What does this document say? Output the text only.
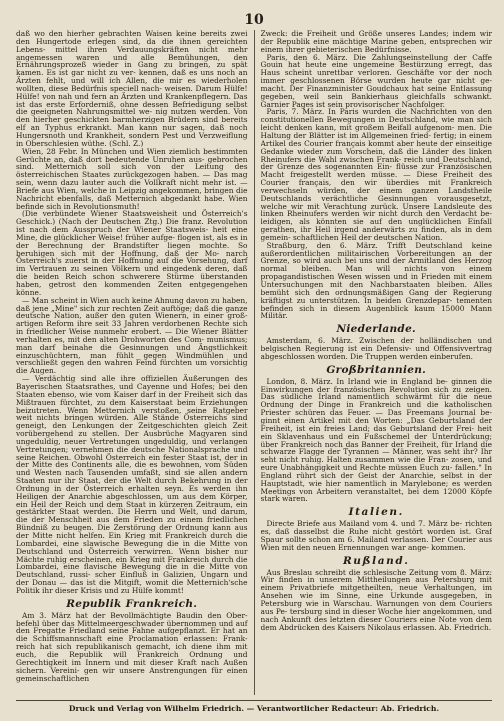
10

daß wo den hierher gebrachten Waisen keine bereits zwei den Hungertode erlegen sind, da die ihnen gereichten Lebens- mittel ihren Verdauungskräften nicht mehr angemessen waren und alle Bemühungen, den Ernährungsprozeß wieder in Gang zu bringen, zu spät kamen. Es ist gar nicht zu ver- kennen, daß es uns noch an Ärzten fehlt, und will ich Allen, die mir es wiederholen wollten, diese Bedürfnis speciell nach- weisen. Darum Hülfe! Hülfe! von nah und fern an Ärzten und Krankenpflegern. Das ist das erste Erforderniß, ohne dessen Befriedigung selbst die geeigneten Nahrungsmittel we- nig nutzen werden. Von den hierher geschickten barmherzigen Brüdern sind bereits elf an Typhus erkrankt. Man kann nur sagen, daß noch Hungersnoth und Krankheit, sondern Pest und Verzweiflung in Oberschlesien wüthe. (Schl. Z.)

Wien, 28 Febr. In München und Wien ziemlich bestimmten Gerüchte an, daß dort bedeutende Unruhen aus- gebrochen sind. Metternich soll sich von der Leitung des österreichischen Staates zurückgezogen haben. — Das mag sein, wenn dazu lauter auch die Vollkraft nicht mehr ist. — Briefe aus Wien, welche in Leipzig angekommen, bringen die Nachricht ebenfalls, daß Metternich abgedankt habe. Wien befinde sich in Revolutionsmuth!

(Die verbündete Wiener Staatsweisheit und Österreich's Geschick.) (Nach der Deutschen Ztg.) Die franz. Revolution ist nach dem Ausspruch der Wiener Staatsweis- heit eine Mine, die glücklicher Weise! früher aufge- flogen ist, als es in der Berechnung der Brandstifter liegen mochte. So beruhigen sich mit der Hoffnung, daß der Mo- narch Österreich's zuerst in der Hoffnung auf die Vorsehung, darf im Vertrauen zu seinen Völkern und eingedenk deren, daß die beiden Reich schon schwerere Stürme überstanden haben, getrost den kommenden Zeiten entgegengehen könne.

— Man scheint in Wien auch keine Ahnung davon zu haben, daß jene „Mine" sich zur rechten Zeit auftöge; daß die ganze deutsche Nation, außer den guten Wienern, in einer groß- artigen Reform ihre seit 33 Jahren verdorbenen Rechte sich in friedlicher Weise nunmehr erobert. — Die Wiener Blätter verhalten es, mit den alten Drohworten des Com- munismus; man darf beinahe die Gesinnungen und Ängstlichkeit einzuschüchtern, man fühlt gegen Windmühlen und verschließt gegen den wahren Feind fürchten um vorsichtig die Augen.

— Verdächtig sind alle ihre offiziellen Äußerungen des Bayerischen Staatsrathes, und Cayenne und Hofes; bei den Staaten ebenso, wie vom Kaiser darf in der Freiheit sich das Mißtrauen fürchtet, zu dem Kaiserstaat beim Erziehungen beizutreten. Wenn Metternich verstoßen, seine Ratgeber weit nichts bringen würden. Alle Stände Österreichs sind geneigt, den Lenkungen der Zeitgeschichten gleich Zeit vorübergehend zu stellen. Der Ausbrüche Magyaren sind ungeduldig, neuer Vertretungen ungeduldig, und verlangen Vertretungen; vernehmen die deutsche Nationalsprache und seine Reichen. Obwohl Österreich ein fester Staat ist, der in der Mitte des Continents alle, die es bewohnen, vom Süden und Westen nach Tausenden umfaßt, sind sie allen andern Staaten nur ihr Staat, der die Welt durch Bekehrung in der Ordnung in der Österreich erhalten seyn. Es werden ihn Heiligen der Anarchie abgeschlossen, um aus dem Körper, ein Heil der Reich und dem Staat in kürzeren Zeitraum, ein gestärkter Staat werden. Die Herrn und Welt, und darum, die der Menschheit aus dem Frieden zu einem friedlichen Bündniß zu beugen. Die Zerstörung der Ordnung kann aus der Mitte nicht helfen. Ein Krieg mit Frankreich durch die Lombardei, eine slawische Bewegung die in die Mitte von Deutschland und Österreich verwirren. Wenn bisher nur Mächte ruhig erscheinen, ein Krieg mit Frankreich durch die Lombardei, eine flavische Bewegung die in die Mitte von Deutschland, russi- scher Einfluß in Galizien, Ungarn und der Donau — das ist die Mitgift, womit die Metternich'sche Politik ihr dieser Krisis und zu Hülfe kommt!

Republik Frankreich.

Am 3. März hat der Bevollmächtigte Baudin den Ober- befehl über das Mittelmeergeschwader übernommen und auf den Fregatte Friedland seine Fahne aufgepflanzt. Er hat an die Schiffsmannschaft eine Proclamation erlassen: Frank- reich hat sich republikanisch gemacht, ich diene ihm mit euch, die Republik will Frankreich Ordnung und Gerechtigkeit im Innern und mit dieser Kraft nach Außen sichern. Vereini- gen wir unsere Anstrengungen für einen gemeinschaftlichen

Zweck: die Freiheit und Größe unseres Landes; indem wir der Republik eine mächtige Marine geben, entsprechen wir einem ihrer gebieterischen Bedürfnisse.

Paris, den 6. März. Die Zahlungseinstellung der Caffe Gouin hat heute eine ungemeine Bestürzung erregt, das Haus scheint unrettbar verloren. Geschäfte vor der noch immer geschlossenen Börse wurden heute gar nicht ge- macht. Der Finanzminister Goudchaux hat seine Entlassung gegeben, weil sein Bankierhaus gleichfalls schwankt. Garnier Pages ist sein provisorischer Nachfolger.

Paris, 7. März. In Paris wurden die Nachrichten von den constitutionellen Bewegungen in Deutschland, wie man sich leicht denken kann, mit großem Beifall aufgenom- men. Die Haltung der Blätter ist im Allgemeinen fried- fertig; in einem Artikel des Courier français kommt aber heute der einseitige Gedanke wieder zum Vorschein, daß die Länder des linken Rheinufers die Wahl zwischen Frank- reich und Deutschland, der Grenze des sogenannten Ein- flüsse zur Französischen Macht freigestellt werden müsse. — Diese Freiheit des Courier français, den wir überdies mit Frankreich verwechseln würden, der einem ganzen Landstheile Deutschlands verächtliche Gesinnungen vorausgesetzt, welche wir mit Verachtung zurück. Unsere Landsleute des linken Rheinufers werden wir nicht durch den Verdacht be- leidigen, als könnten sie auf den unglücklichen Einfall gerathen, ihr Heil irgend anderwärts zu finden, als in dem gemein- schaftlichen Heil der deutschen Nation.

Straßburg, den 6. März. Trifft Deutschland keine außerordentlichen militairischen Vorbereitungen an der Grenze, so wird auch bei uns und der Armitland des Herzog normal bleiben. Man will nichts von einem propagandistischen Wesen wissen und in Frieden mit einem Untersuchungen mit den Nachbarstaaten bleiben. Alles bemüht sich den ordnungsmäßigen Gang der Regierung kräftigst zu unterstützen. In beiden Grenzdepar- tementen befinden sich in diesem Augenblick kaum 15000 Mann Militär.

Niederlande.

Amsterdam, 6. März. Zwischen der holländischen und belgischen Regierung ist ein Defensiv- und Offensivvertrag abgeschlossen worden. Die Truppen werden einberufen.

Großbritannien.

London, 8. März. In Irland wie in England be- ginnen die Einwirkungen der französischen Revolution sich zu zeigen. Das südliche Irland namentlich schwärmt für die neue Ordnung der Dinge in Frankreich und die katholischen Priester schüren das Feuer. — Das Freemans Journal be- ginnt einen Artikel mit den Worten: „Das Geburtsland der Freiheit, ist ein freies Land; das Geburtsland der Frei- heit ein Sklavenhaus und ein Fußschemel der Unterdrückung; über Frankreich noch das Banner der Freiheit, für Irland die schwarze Flagge der Tyrannen — Männer, was seht ihr? Ihr seht nicht ruhig. Halten zusammen wie die Fran- zosen, und eure Unabhängigkeit und Rechte müssen Euch zu- fallen." In England rührt sich der Geist der Anarchie, selbst in der Hauptstadt, wie hier namentlich in Marylebone; es werden Meetings von Arbeitern veranstaltet, bei dem 12000 Köpfe stark waren.

Italien.

Directe Briefe aus Mailand vom 4. und 7. März be- richten es, daß dasselbst die Ruhe nicht gestört worden ist. Graf Spaur sollte schon am 6. Mailand verlassen. Der Courier aus Wien mit den neuen Ernennungen war ange- kommen.

Rußland.

Aus Breslau schreibt die schlesische Zeitung vom 8. März: Wir finden in unserem Mittheilungen aus Petersburg mit einem Privatbriefe mitgetheilten, neue Verhaltungen, im Ansehen wie im Sinne, eine Urkunde ausgegeben, in Petersburg wie in Warschau. Warnungen von dem Couriers aus Pe- tersburg sind in dieser Woche hier angekommen, und nach Ankunft des letzten dieser Couriers eine Note von dem dem Abdrücken des Kaisers Nikolaus erlassen. Ab. Friedrich.

Druck und Verlag von Wilhelm Friedrich. — Verantwortlicher Redacteur: Ab. Friedrich.
